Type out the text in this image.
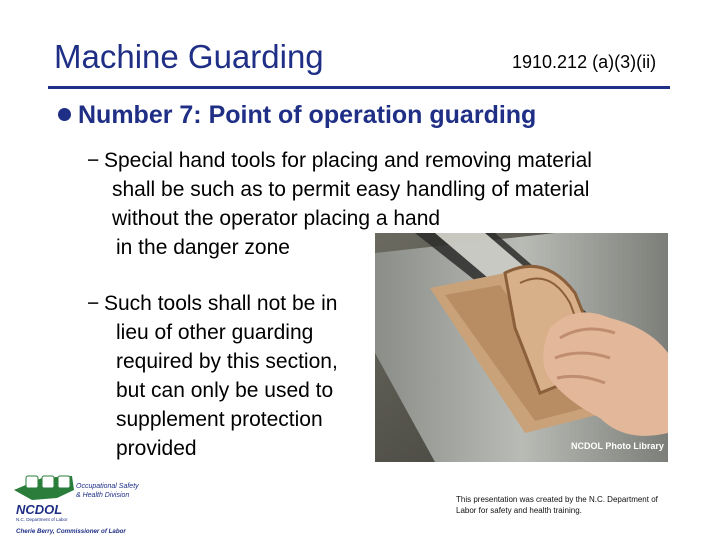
Machine Guarding	1910.212 (a)(3)(ii)
Number 7: Point of operation guarding
− Special hand tools for placing and removing material
shall be such as to permit easy handling of material
without the operator placing a hand
in the danger zone
− Such tools shall not be in
lieu of other guarding
required by this section,
but can only be used to
supplement protection
provided	NCDOL Photo Library
NCDOL
N.C. Department of Labor
Occupational Safety
& Health Division
Cherie Berry, Commissioner of Labor
This presentation was created by the N.C. Department of
Labor for safety and health training.
